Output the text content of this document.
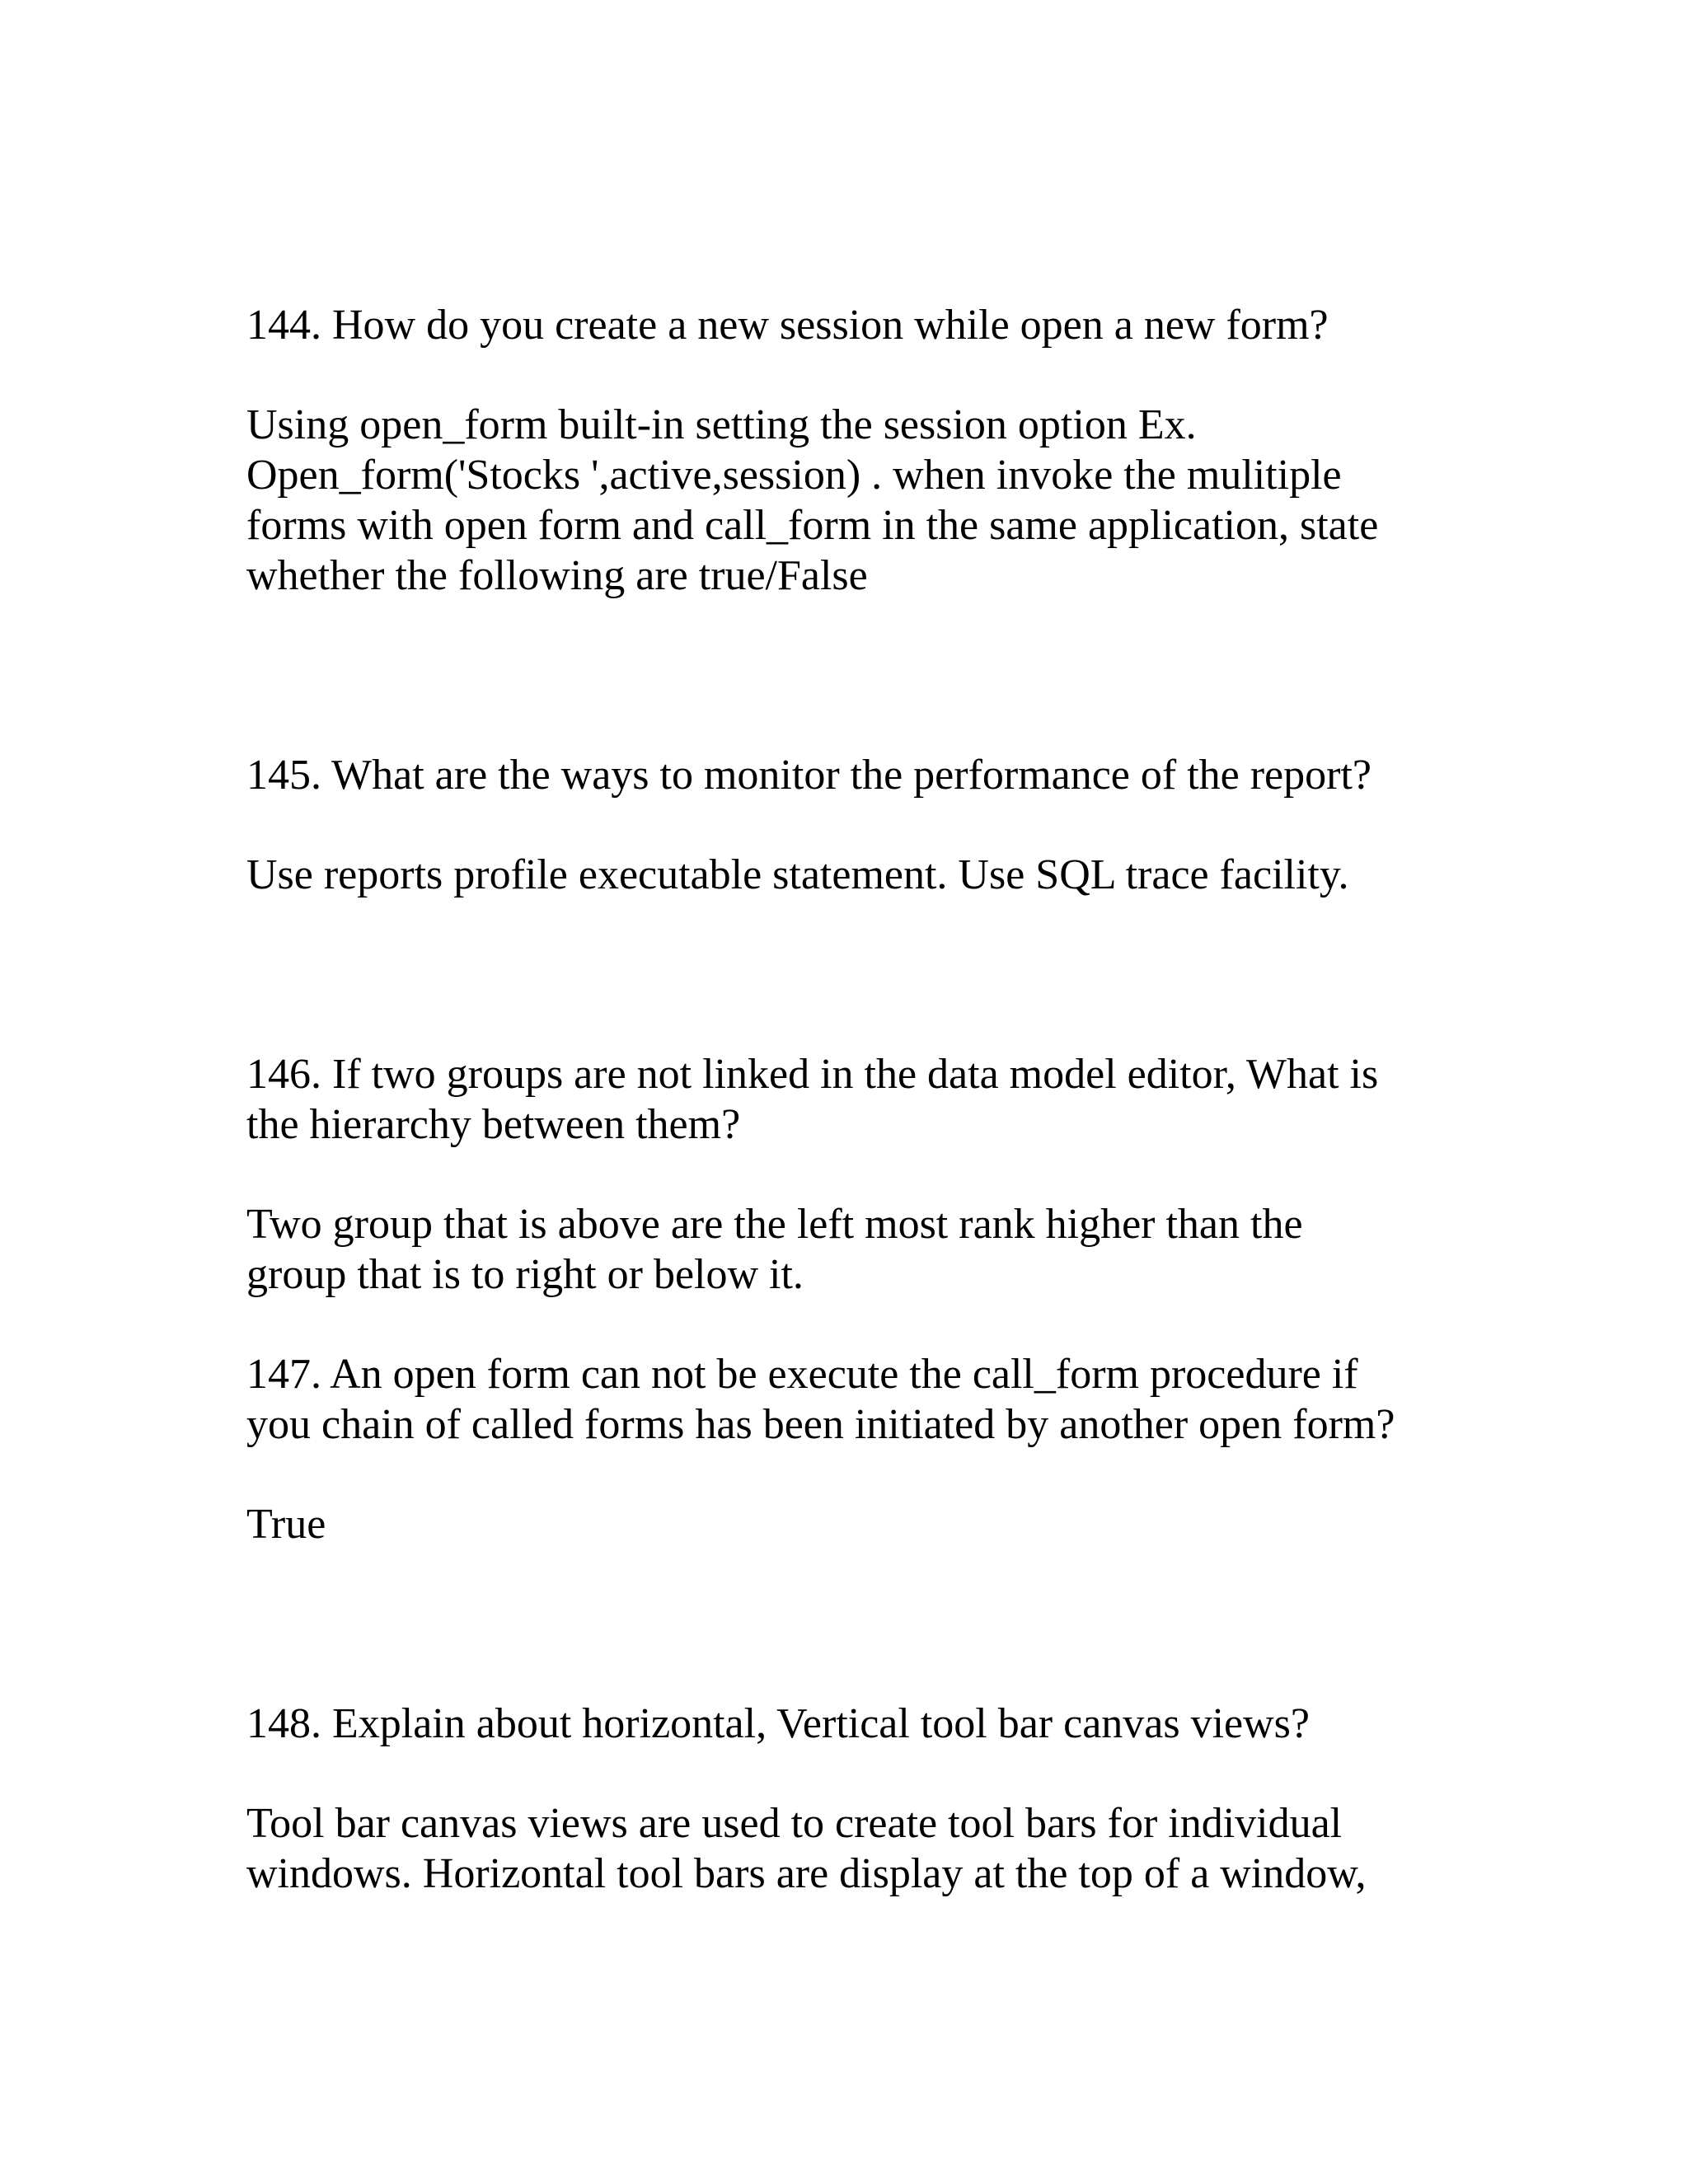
144. How do you create a new session while open a new form?
Using open_form built-in setting the session option Ex.
Open_form('Stocks ',active,session) . when invoke the mulitiple
forms with open form and call_form in the same application, state
whether the following are true/False
145. What are the ways to monitor the performance of the report?
Use reports profile executable statement. Use SQL trace facility.
146. If two groups are not linked in the data model editor, What is
the hierarchy between them?
Two group that is above are the left most rank higher than the
group that is to right or below it.
147. An open form can not be execute the call_form procedure if
you chain of called forms has been initiated by another open form?
True
148. Explain about horizontal, Vertical tool bar canvas views?
Tool bar canvas views are used to create tool bars for individual
windows. Horizontal tool bars are display at the top of a window,
